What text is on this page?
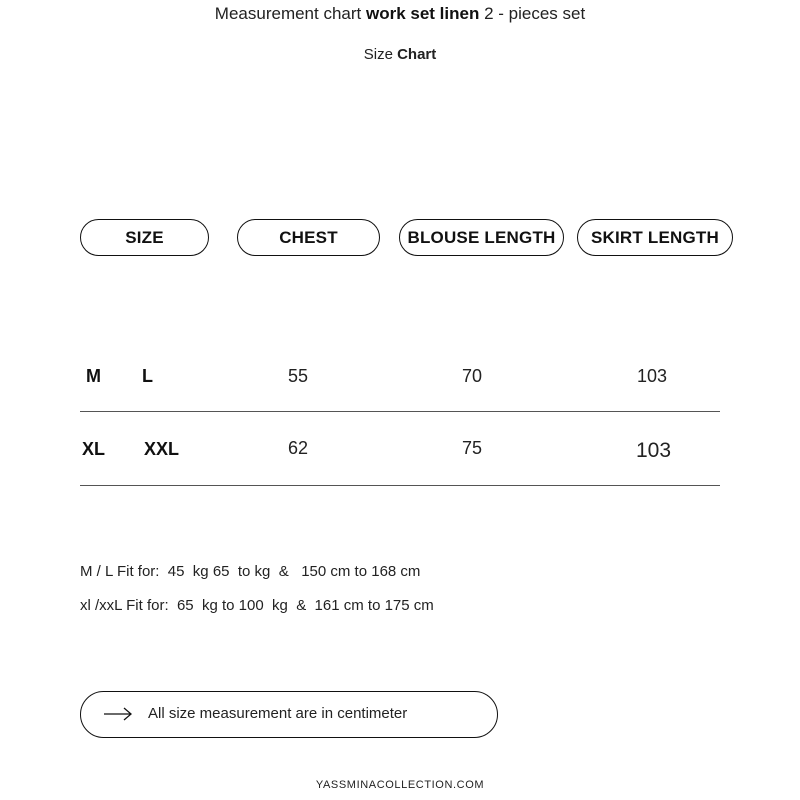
Measurement chart work set linen 2 - pieces set
Size Chart
SIZE	CHEST	BLOUSE LENGTH	SKIRT LENGTH
M L	55	70	103
XL XXL	62	75	103
M / L Fit for:  45  kg 65  to kg  &   150 cm to 168 cm
xl /xxL Fit for:  65  kg to 100  kg  &  161 cm to 175 cm
All size measurement are in centimeter
YASSMINACOLLECTION.COM
